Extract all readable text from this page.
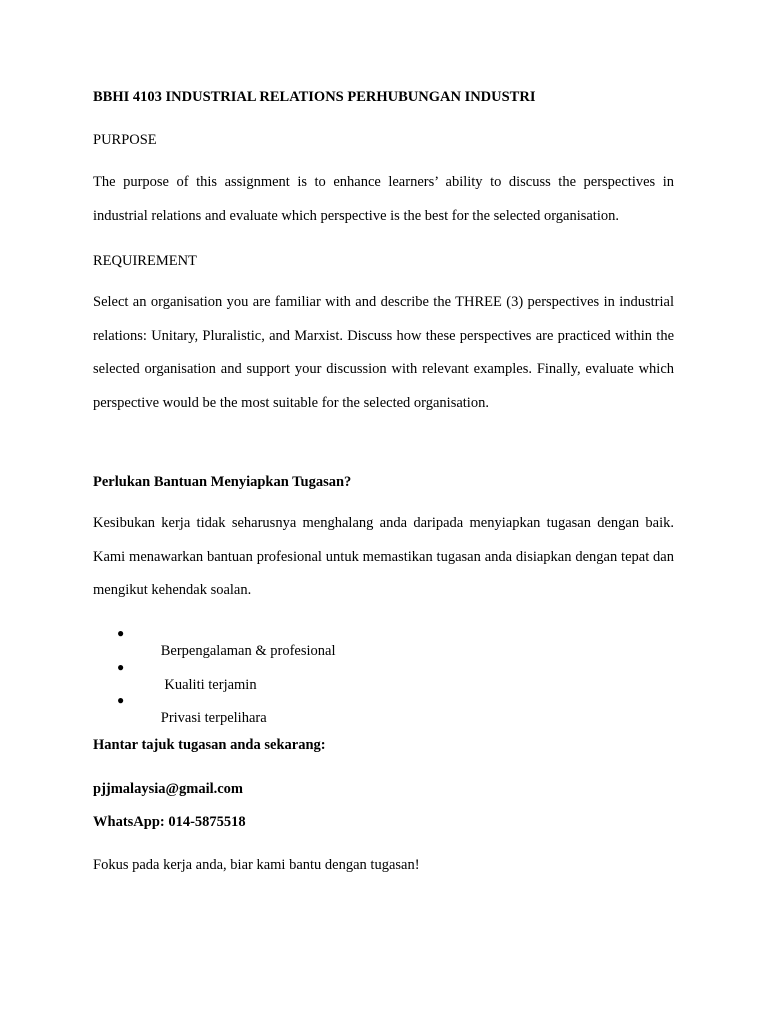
BBHI 4103 INDUSTRIAL RELATIONS PERHUBUNGAN INDUSTRI
PURPOSE
The purpose of this assignment is to enhance learners’ ability to discuss the perspectives in industrial relations and evaluate which perspective is the best for the selected organisation.
REQUIREMENT
Select an organisation you are familiar with and describe the THREE (3) perspectives in industrial relations: Unitary, Pluralistic, and Marxist. Discuss how these perspectives are practiced within the selected organisation and support your discussion with relevant examples. Finally, evaluate which perspective would be the most suitable for the selected organisation.
Perlukan Bantuan Menyiapkan Tugasan?
Kesibukan kerja tidak seharusnya menghalang anda daripada menyiapkan tugasan dengan baik. Kami menawarkan bantuan profesional untuk memastikan tugasan anda disiapkan dengan tepat dan mengikut kehendak soalan.

●
Berpengalaman & profesional

●
Kualiti terjamin

●
Privasi terpelihara

Hantar tajuk tugasan anda sekarang:
pjjmalaysia@gmail.com
WhatsApp: 014-5875518
Fokus pada kerja anda, biar kami bantu dengan tugasan!
